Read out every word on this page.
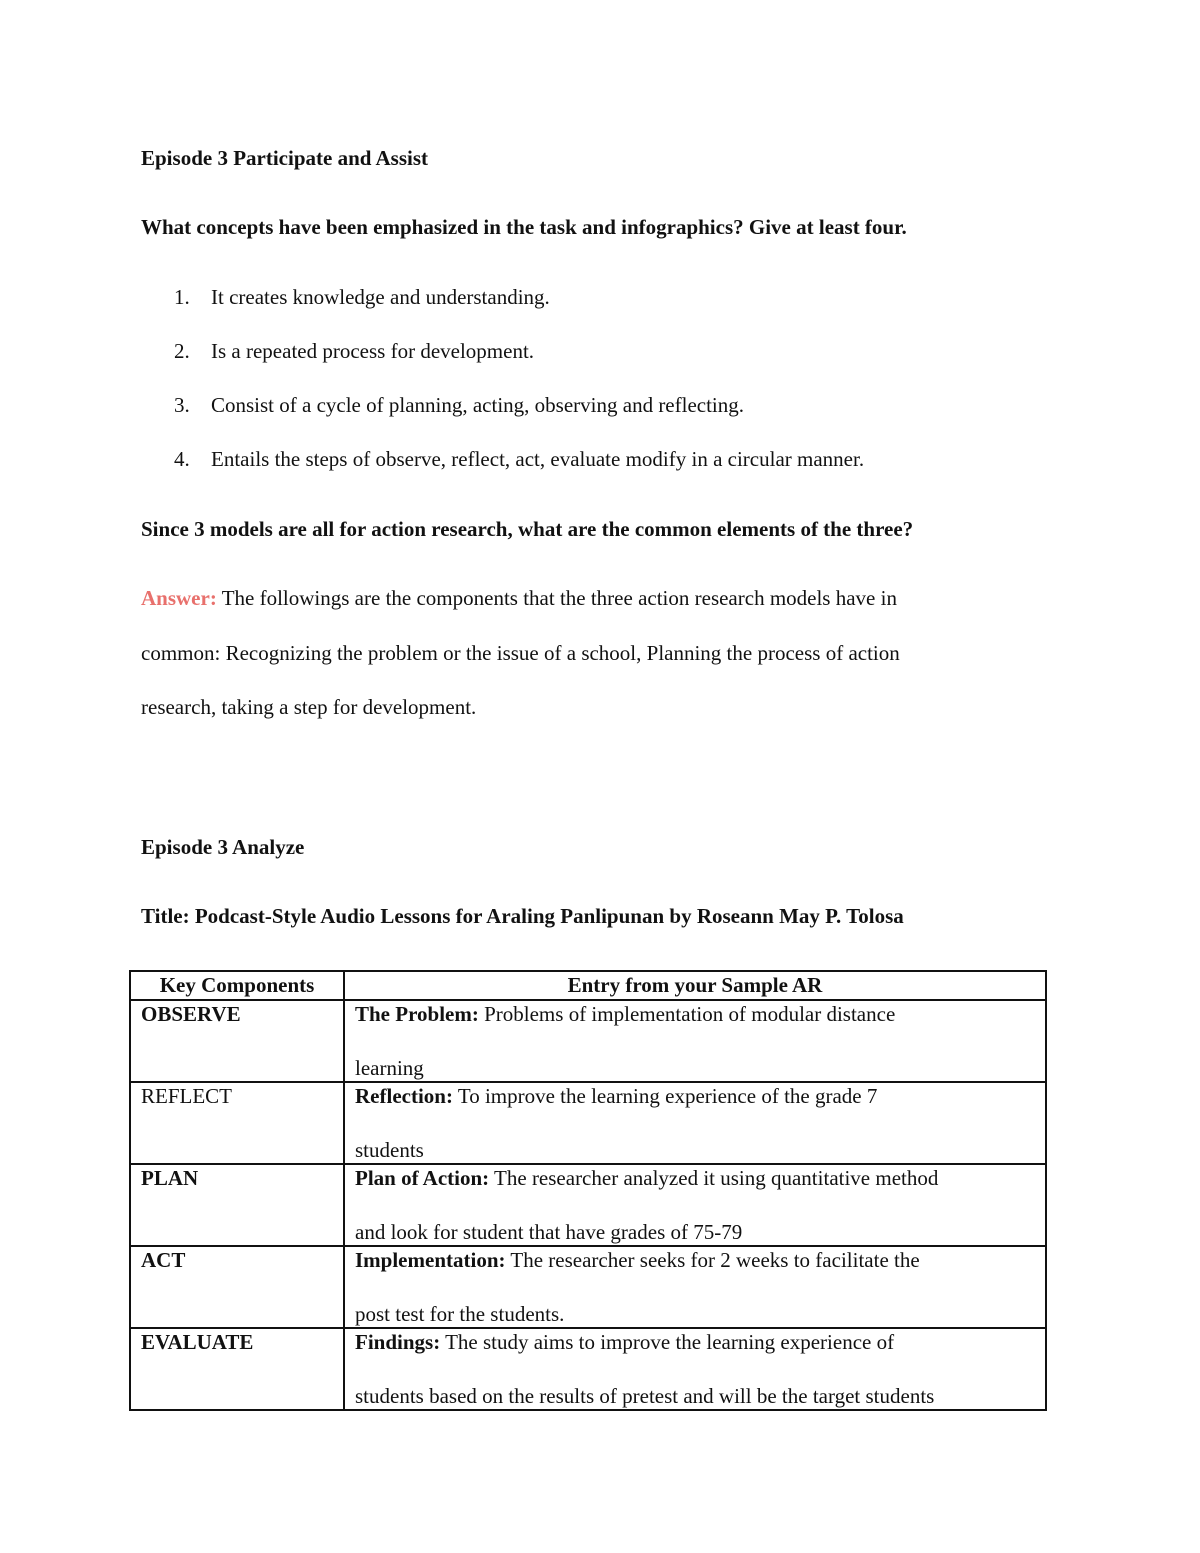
Episode 3 Participate and Assist
What concepts have been emphasized in the task and infographics? Give at least four.
1.	It creates knowledge and understanding.
2.	Is a repeated process for development.
3.	Consist of a cycle of planning, acting, observing and reflecting.
4.	Entails the steps of observe, reflect, act, evaluate modify in a circular manner.
Since 3 models are all for action research, what are the common elements of the three?
Answer: The followings are the components that the three action research models have in
common: Recognizing the problem or the issue of a school, Planning the process of action
research, taking a step for development.
Episode 3 Analyze
Title: Podcast-Style Audio Lessons for Araling Panlipunan by Roseann May P. Tolosa
Key Components	Entry from your Sample AR
OBSERVE	The Problem: Problems of implementation of modular distance
learning

REFLECT	Reflection: To improve the learning experience of the grade 7
students

PLAN	Plan of Action: The researcher analyzed it using quantitative method
and look for student that have grades of 75-79

ACT	Implementation: The researcher seeks for 2 weeks to facilitate the
post test for the students.

EVALUATE	Findings: The study aims to improve the learning experience of
students based on the results of pretest and will be the target students
